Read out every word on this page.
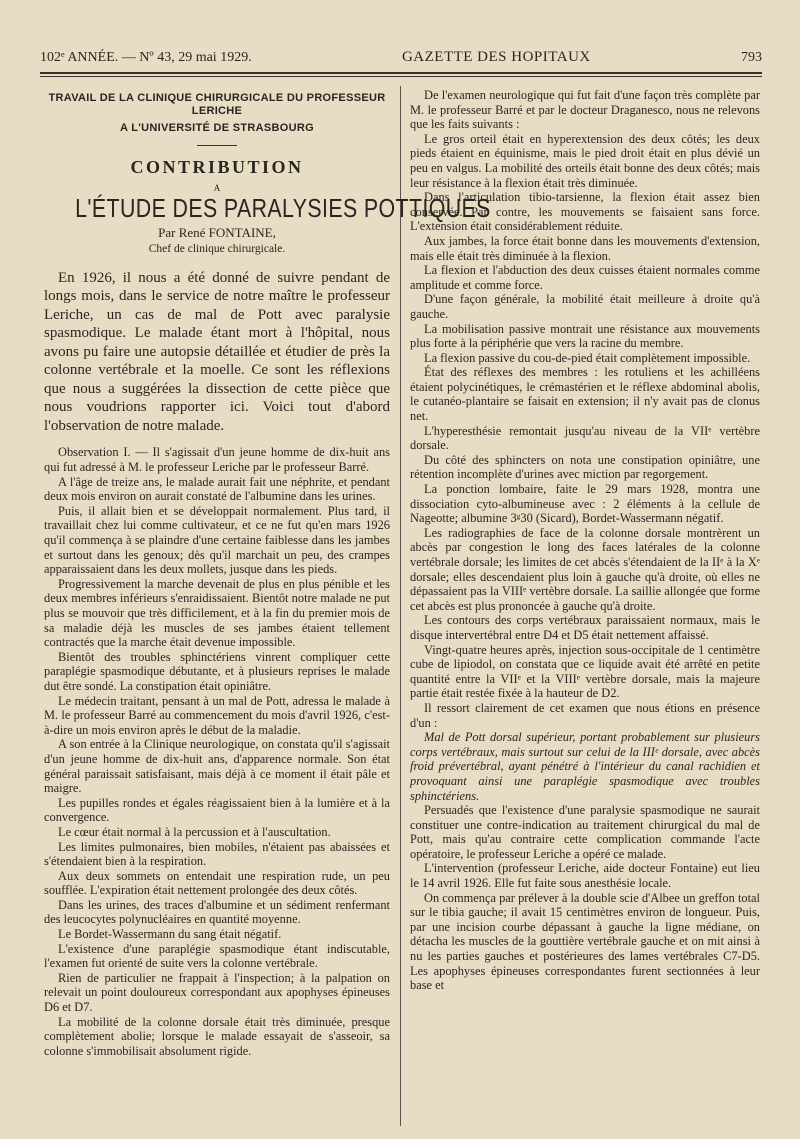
102ᵉ ANNÉE. — Nº 43, 29 mai 1929.	GAZETTE DES HOPITAUX	793
TRAVAIL DE LA CLINIQUE CHIRURGICALE DU PROFESSEUR LERICHE
A L'UNIVERSITÉ DE STRASBOURG
CONTRIBUTION
A
L'ÉTUDE DES PARALYSIES POTTIQUES
Par René FONTAINE,
Chef de clinique chirurgicale.

En 1926, il nous a été donné de suivre pendant de longs mois, dans le service de notre maître le professeur Leriche, un cas de mal de Pott avec paralysie spasmodique. Le malade étant mort à l'hôpital, nous avons pu faire une autopsie détaillée et étudier de près la colonne vertébrale et la moelle. Ce sont les réflexions que nous a suggérées la dissection de cette pièce que nous voudrions rapporter ici. Voici tout d'abord l'observation de notre malade.

Observation I. — Il s'agissait d'un jeune homme de dix-huit ans qui fut adressé à M. le professeur Leriche par le professeur Barré.

A l'âge de treize ans, le malade aurait fait une néphrite, et pendant deux mois environ on aurait constaté de l'albumine dans les urines.

Puis, il allait bien et se développait normalement. Plus tard, il travaillait chez lui comme cultivateur, et ce ne fut qu'en mars 1926 qu'il commença à se plaindre d'une certaine faiblesse dans les jambes et surtout dans les genoux; dès qu'il marchait un peu, des crampes apparaissaient dans les deux mollets, jusque dans les pieds.

Progressivement la marche devenait de plus en plus pénible et les deux membres inférieurs s'enraidissaient. Bientôt notre malade ne put plus se mouvoir que très difficilement, et à la fin du premier mois de sa maladie déjà les muscles de ses jambes étaient tellement contractés que la marche était devenue impossible.

Bientôt des troubles sphinctériens vinrent compliquer cette paraplégie spasmodique débutante, et à plusieurs reprises le malade dut être sondé. La constipation était opiniâtre.

Le médecin traitant, pensant à un mal de Pott, adressa le malade à M. le professeur Barré au commencement du mois d'avril 1926, c'est-à-dire un mois environ après le début de la maladie.

A son entrée à la Clinique neurologique, on constata qu'il s'agissait d'un jeune homme de dix-huit ans, d'apparence normale. Son état général paraissait satisfaisant, mais déjà à ce moment il était pâle et maigre.

Les pupilles rondes et égales réagissaient bien à la lumière et à la convergence.

Le cœur était normal à la percussion et à l'auscultation.

Les limites pulmonaires, bien mobiles, n'étaient pas abaissées et s'étendaient bien à la respiration.

Aux deux sommets on entendait une respiration rude, un peu soufflée. L'expiration était nettement prolongée des deux côtés.

Dans les urines, des traces d'albumine et un sédiment renfermant des leucocytes polynucléaires en quantité moyenne.

Le Bordet-Wassermann du sang était négatif.

L'existence d'une paraplégie spasmodique étant indiscutable, l'examen fut orienté de suite vers la colonne vertébrale.

Rien de particulier ne frappait à l'inspection; à la palpation on relevait un point douloureux correspondant aux apophyses épineuses D6 et D7.

La mobilité de la colonne dorsale était très diminuée, presque complètement abolie; lorsque le malade essayait de s'asseoir, sa colonne s'immobilisait absolument rigide.

De l'examen neurologique qui fut fait d'une façon très complète par M. le professeur Barré et par le docteur Draganesco, nous ne relevons que les faits suivants :

Le gros orteil était en hyperextension des deux côtés; les deux pieds étaient en équinisme, mais le pied droit était en plus dévié un peu en valgus. La mobilité des orteils était bonne des deux côtés; mais leur résistance à la flexion était très diminuée.

Dans l'articulation tibio-tarsienne, la flexion était assez bien conservée. Par contre, les mouvements se faisaient sans force. L'extension était considérablement réduite.

Aux jambes, la force était bonne dans les mouvements d'extension, mais elle était très diminuée à la flexion.

La flexion et l'abduction des deux cuisses étaient normales comme amplitude et comme force.

D'une façon générale, la mobilité était meilleure à droite qu'à gauche.

La mobilisation passive montrait une résistance aux mouvements plus forte à la périphérie que vers la racine du membre.

La flexion passive du cou-de-pied était complètement impossible.

État des réflexes des membres : les rotuliens et les achilléens étaient polycinétiques, le crémastérien et le réflexe abdominal abolis, le cutanéo-plantaire se faisait en extension; il n'y avait pas de clonus net.

L'hyperesthésie remontait jusqu'au niveau de la VIIᵉ vertèbre dorsale.

Du côté des sphincters on nota une constipation opiniâtre, une rétention incomplète d'urines avec miction par regorgement.

La ponction lombaire, faite le 29 mars 1928, montra une dissociation cyto-albumineuse avec : 2 éléments à la cellule de Nageotte; albumine 3ᵍ30 (Sicard), Bordet-Wassermann négatif.

Les radiographies de face de la colonne dorsale montrèrent un abcès par congestion le long des faces latérales de la colonne vertébrale dorsale; les limites de cet abcès s'étendaient de la IIᵉ à la Xᵉ dorsale; elles descendaient plus loin à gauche qu'à droite, où elles ne dépassaient pas la VIIIᵉ vertèbre dorsale. La saillie allongée que forme cet abcès est plus prononcée à gauche qu'à droite.

Les contours des corps vertébraux paraissaient normaux, mais le disque intervertébral entre D4 et D5 était nettement affaissé.

Vingt-quatre heures après, injection sous-occipitale de 1 centimètre cube de lipiodol, on constata que ce liquide avait été arrêté en petite quantité entre la VIIᵉ et la VIIIᵉ vertèbre dorsale, mais la majeure partie était restée fixée à la hauteur de D2.

Il ressort clairement de cet examen que nous étions en présence d'un :

Mal de Pott dorsal supérieur, portant probablement sur plusieurs corps vertébraux, mais surtout sur celui de la IIIᵉ dorsale, avec abcès froid prévertébral, ayant pénétré à l'intérieur du canal rachidien et provoquant ainsi une paraplégie spasmodique avec troubles sphinctériens.

Persuadés que l'existence d'une paralysie spasmodique ne saurait constituer une contre-indication au traitement chirurgical du mal de Pott, mais qu'au contraire cette complication commande l'acte opératoire, le professeur Leriche a opéré ce malade.

L'intervention (professeur Leriche, aide docteur Fontaine) eut lieu le 14 avril 1926. Elle fut faite sous anesthésie locale.

On commença par prélever à la double scie d'Albee un greffon total sur le tibia gauche; il avait 15 centimètres environ de longueur. Puis, par une incision courbe dépassant à gauche la ligne médiane, on détacha les muscles de la gouttière vertébrale gauche et on mit ainsi à nu les parties gauches et postérieures des lames vertébrales C7-D5. Les apophyses épineuses correspondantes furent sectionnées à leur base et
